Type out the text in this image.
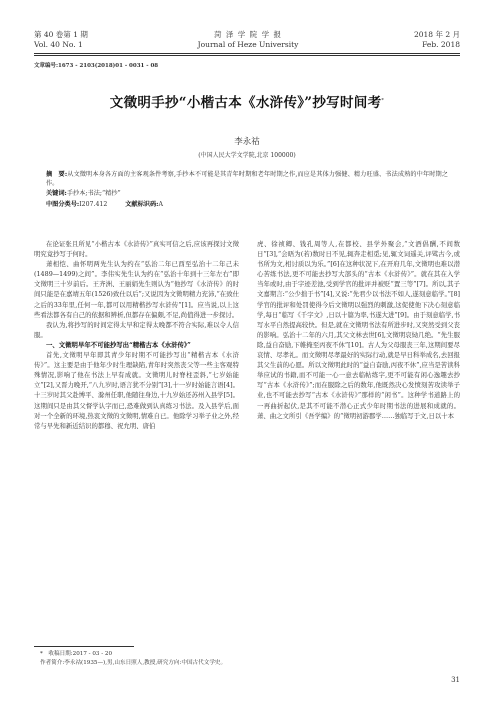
第 40 卷第 1 期
Vol. 40 No. 1
菏 泽 学 院 学 报
Journal of Heze University
2018 年 2 月
Feb. 2018
文章编号:1673 - 2103(2018)01 - 0031 - 08
文徵明手抄“小楷古本《水浒传》”抄写时间考*
李永祜
(中国人民大学文学院,北京 100000)
摘　要:从文徵明本身各方面的主客观条件考察,手抄本不可能是其青年时期和老年时期之作,而应是其体力强健、精力旺盛、书法成熟的中年时期之作。
关键词:手抄本;书法;“精抄”
中图分类号:I207.412	文献标识码:A

在论证张且所见“小楷古本《水浒传》”真实可信之后,应该再探讨文徵明究竟抄写于何时。

萧相恺、曲怀明两先生认为约在“弘治二年已酉至弘治十二年己未(1489—1499)之间”。李伟实先生认为约在“弘治十年到十三年左右”即文徵明三十岁前后。王齐洲、王丽娟先生则认为“他抄写《水浒传》的时间只能是在嘉靖五年(1526)致仕以后”;又说因为文徵明精力充沛,“在致仕之后的33年里,任何一年,都可以用精楷抄写水浒传”[1]。应当说,以上这些看法都各有自己的依据和辨析,但都存在偏颇,不足,尚值得进一步探讨。

我认为,将抄写的时间定得太早和定得太晚都不符合实际,难以令人信服。

一、文徵明早年不可能抄写出“精楷古本《水浒传》”

首先,文徵明早年即其青少年时期不可能抄写出“精楷古本《水浒传》”。这主要是由于他年少时生理缺陷,青年时突然丧父等一些主客观特殊情况,影响了他在书法上早有成就。文徵明儿时脊柱歪斜,“七岁始能立”[2],又晋力晚开,“八九岁时,语言犹不分别”[3],十一岁时始能言语[4]。十三岁时其父赴博平、滁州任职,他随往身边,十九岁始还苏州入县学[5]。这期间只是由其父督学认字而已,恐难做到认真练习书法。及入县学后,面对一个全新的环境,热衷文徵的文徵明,情难自已。他除学习举子业之外,经常与早先和新近结识的都穆、祝允明、唐伯

虎、徐祯卿、钱孔周等人,在都校、县学外聚会,“文酒倡酬,不间数日”[3],“会晤为(若)数时日不见,辄奔走相觅;见,辄文词遥关,评骘古今,或书所为文,相讨质以为乐。”[6]在这种状况下,在开府几年,文徵明也难以潜心苦练书法,更不可能去抄写大部头的“古本《水浒传》”。就在其在入学当年或时,由于字迹差池,受到学官的批评并被贬“置三等”[7]。所以,其子文嘉期言:“公少拙于书”[4],又说:“先君少以书法不如人,遂刻意临学。”[8]学官的批评和处罚使得今后文徵明以强烈的刺激,这促使他下决心刻意临学,每日“临写《千字文》,日以十篇为率,书遂大进”[9]。由于刻意临学,书写水平自然提高较快。但是,就在文徵明书法有所进步时,又突然受到父丧的影响。弘治十二年的六月,其父文林去世[6],文徵明哀恸几绝。“先生服除,益自奋励,下帷掩至丙夜不休”[10]。古人为父母服丧三年,这期间要尽哀情、尽孝礼。而文徵明尽孝最好的实际行动,就是早日科举成名,去回报其父生前的心愿。所以文徵明此时的“益自奋励,丙夜不休”,应当是苦读科举应试的书籍,而不可能一心一意去临帖练字,更不可能有闲心逸趣去抄写“古本《水浒传》”;而在服除之后的数年,他既然决心发愤刻苦攻读举子业,也不可能去抄写“古本《水浒传》”那样的“闲书”。这种学书道路上的一再曲折起伏,是其不可能不潜心正式少年时期书法的进展和成就的。萧、曲之文所引《吾学编》的“徵明初游郡学……独临写于文,日以十本

*　收稿日期:2017 - 03 - 20
作者简介:李永祜(1935—),男,山东日照人,教授,研究方向:中国古代文学史。
31
